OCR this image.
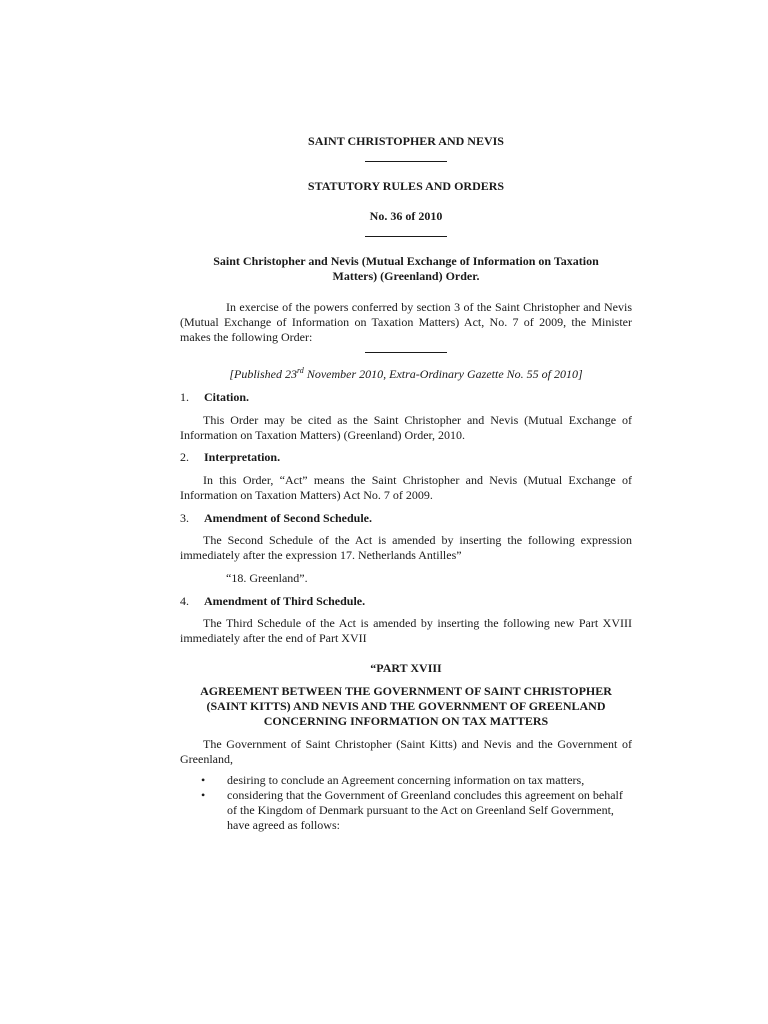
SAINT CHRISTOPHER AND NEVIS
STATUTORY RULES AND ORDERS
No. 36 of 2010
Saint Christopher and Nevis (Mutual Exchange of Information on Taxation Matters) (Greenland) Order.
In exercise of the powers conferred by section 3 of the Saint Christopher and Nevis (Mutual Exchange of Information on Taxation Matters) Act, No. 7 of 2009, the Minister makes the following Order:
[Published 23rd November 2010, Extra-Ordinary Gazette No. 55 of 2010]
1. Citation.
This Order may be cited as the Saint Christopher and Nevis (Mutual Exchange of Information on Taxation Matters) (Greenland) Order, 2010.
2. Interpretation.
In this Order, “Act” means the Saint Christopher and Nevis (Mutual Exchange of Information on Taxation Matters) Act No. 7 of 2009.
3. Amendment of Second Schedule.
The Second Schedule of the Act is amended by inserting the following expression immediately after the expression 17. Netherlands Antilles”
“18. Greenland”.
4. Amendment of Third Schedule.
The Third Schedule of the Act is amended by inserting the following new Part XVIII immediately after the end of Part XVII
“PART XVIII
AGREEMENT BETWEEN THE GOVERNMENT OF SAINT CHRISTOPHER (SAINT KITTS) AND NEVIS AND THE GOVERNMENT OF GREENLAND CONCERNING INFORMATION ON TAX MATTERS
The Government of Saint Christopher (Saint Kitts) and Nevis and the Government of Greenland,
•	desiring to conclude an Agreement concerning information on tax matters,
•	considering that the Government of Greenland concludes this agreement on behalf of the Kingdom of Denmark pursuant to the Act on Greenland Self Government, have agreed as follows:
